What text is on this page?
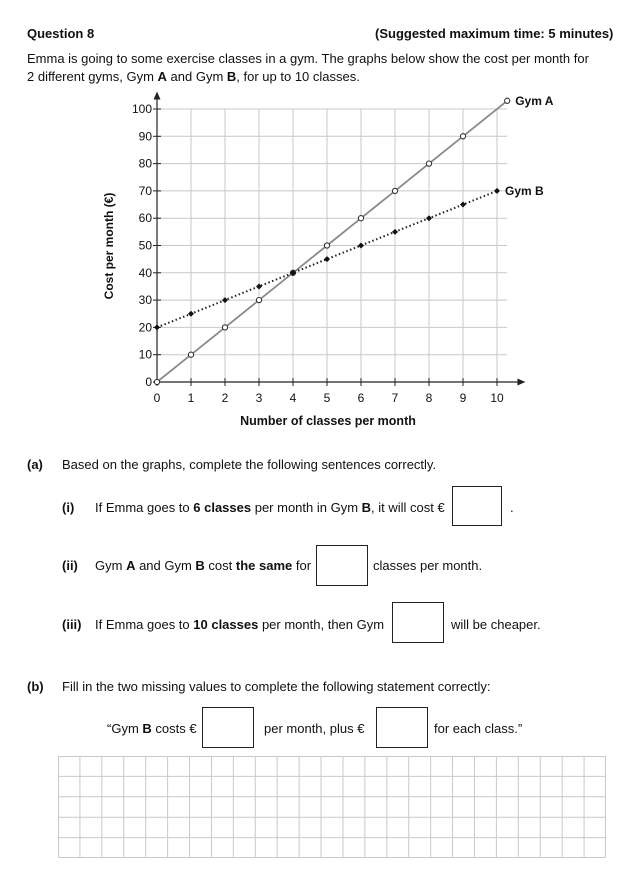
Question 8	(Suggested maximum time: 5 minutes)
Emma is going to some exercise classes in a gym. The graphs below show the cost per month for
2 different gyms, Gym A and Gym B, for up to 10 classes.
0 1 2 3 4 5 6 7 8 9 10
0
10
20
30
40
50
60
70
80
90
100
Number of classes per month
Cost per month (€)
Gym A
Gym B
(a) Based on the graphs, complete the following sentences correctly.
(i) If Emma goes to 6 classes per month in Gym B, it will cost €	.
(ii) Gym A and Gym B cost the same for	classes per month.
(iii) If Emma goes to 10 classes per month, then Gym	will be cheaper.
(b) Fill in the two missing values to complete the following statement correctly:
“Gym B costs €	per month, plus €	for each class.”
